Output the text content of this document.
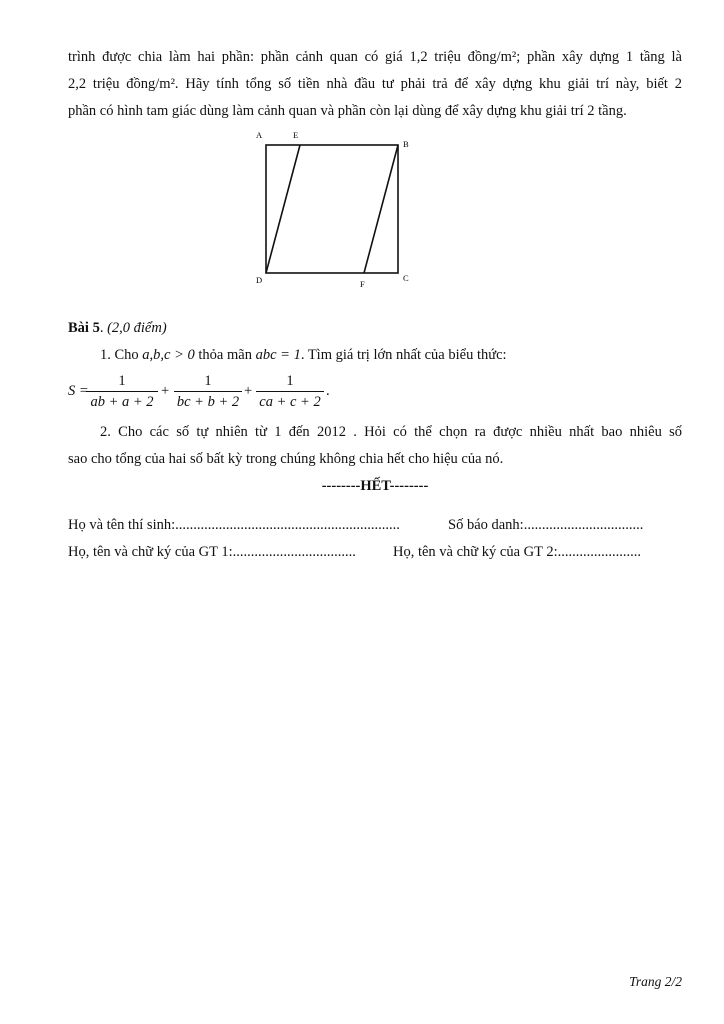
trình được chia làm hai phần: phần cảnh quan có giá 1,2 triệu đồng/m²; phần xây dựng 1 tầng là

2,2 triệu đồng/m². Hãy tính tổng số tiền nhà đầu tư phải trả để xây dựng khu giải trí này, biết 2

phần có hình tam giác dùng làm cảnh quan và phần còn lại dùng để xây dựng khu giải trí 2 tầng.

A	E
B
C
D	F

Bài 5. (2,0 điểm)

1. Cho a,b,c > 0 thỏa mãn abc = 1. Tìm giá trị lớn nhất của biểu thức:

S =
1
ab + a + 2
+
1
bc + b + 2
+
1
ca + c + 2
.

2. Cho các số tự nhiên từ 1 đến 2012 . Hỏi có thể chọn ra được nhiều nhất bao nhiêu số

sao cho tổng của hai số bất kỳ trong chúng không chia hết cho hiệu của nó.

--------HẾT--------

Họ và tên thí sinh:..............................................................	Số báo danh:.................................
Họ, tên và chữ ký của GT 1:..................................	Họ, tên và chữ ký của GT 2:.......................
Trang 2/2
